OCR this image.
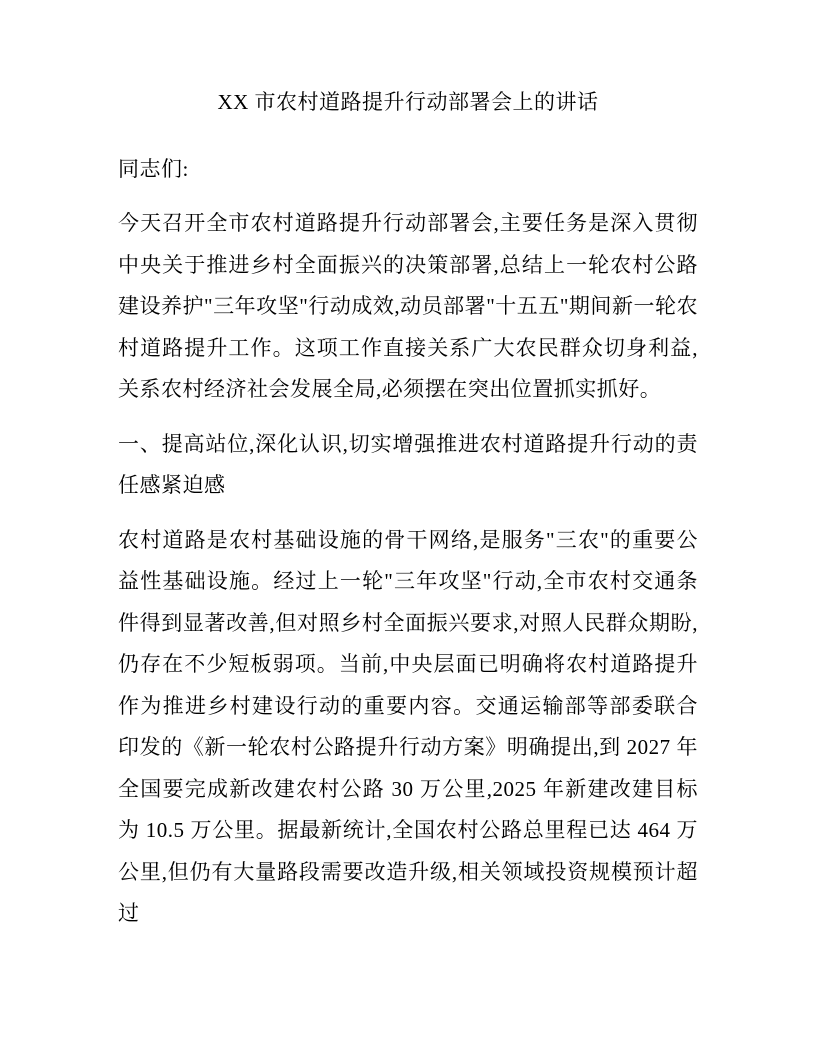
XX 市农村道路提升行动部署会上的讲话

同志们:

今天召开全市农村道路提升行动部署会,主要任务是深入贯彻中央关于推进乡村全面振兴的决策部署,总结上一轮农村公路建设养护"三年攻坚"行动成效,动员部署"十五五"期间新一轮农村道路提升工作。这项工作直接关系广大农民群众切身利益,关系农村经济社会发展全局,必须摆在突出位置抓实抓好。

一、提高站位,深化认识,切实增强推进农村道路提升行动的责任感紧迫感

农村道路是农村基础设施的骨干网络,是服务"三农"的重要公益性基础设施。经过上一轮"三年攻坚"行动,全市农村交通条件得到显著改善,但对照乡村全面振兴要求,对照人民群众期盼,仍存在不少短板弱项。当前,中央层面已明确将农村道路提升作为推进乡村建设行动的重要内容。交通运输部等部委联合印发的《新一轮农村公路提升行动方案》明确提出,到 2027 年全国要完成新改建农村公路 30 万公里,2025 年新建改建目标为 10.5 万公里。据最新统计,全国农村公路总里程已达 464 万公里,但仍有大量路段需要改造升级,相关领域投资规模预计超过
